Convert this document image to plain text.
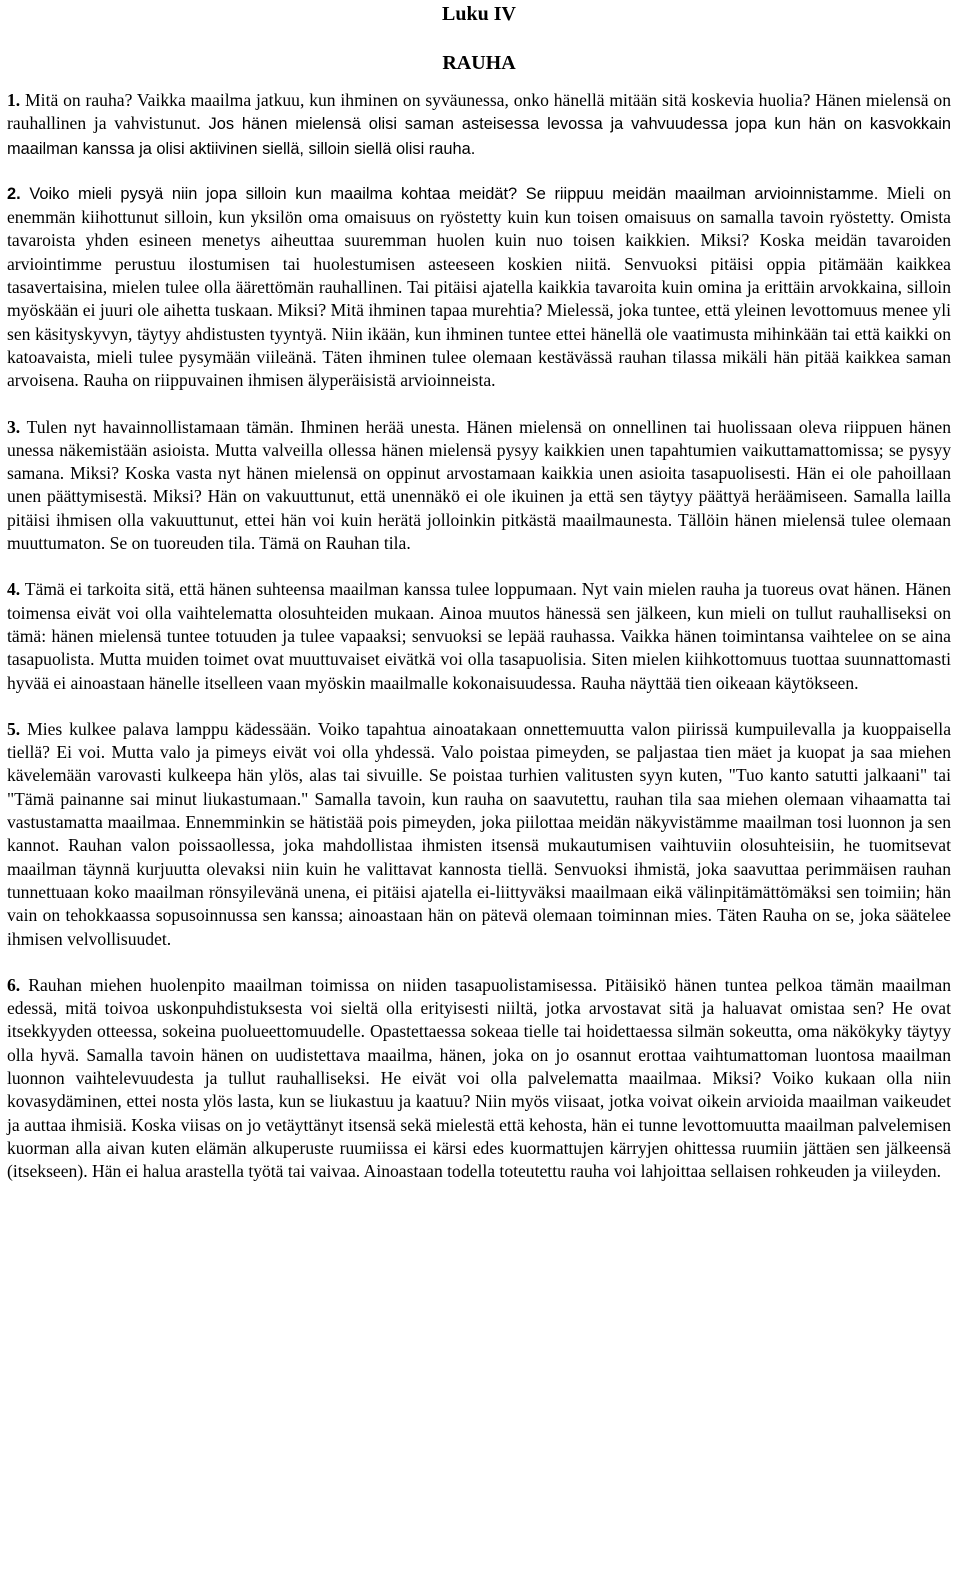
Luku IV
RAUHA

1. Mitä on rauha? Vaikka maailma jatkuu, kun ihminen on syväunessa, onko hänellä mitään sitä koskevia huolia? Hänen mielensä on rauhallinen ja vahvistunut. Jos hänen mielensä olisi saman asteisessa levossa ja vahvuudessa jopa kun hän on kasvokkain maailman kanssa ja olisi aktiivinen siellä, silloin siellä olisi rauha.

2. Voiko mieli pysyä niin jopa silloin kun maailma kohtaa meidät? Se riippuu meidän maailman arvioinnistamme. Mieli on enemmän kiihottunut silloin, kun yksilön oma omaisuus on ryöstetty kuin kun toisen omaisuus on samalla tavoin ryöstetty. Omista tavaroista yhden esineen menetys aiheuttaa suuremman huolen kuin nuo toisen kaikkien. Miksi? Koska meidän tavaroiden arviointimme perustuu ilostumisen tai huolestumisen asteeseen koskien niitä. Senvuoksi pitäisi oppia pitämään kaikkea tasavertaisina, mielen tulee olla äärettömän rauhallinen. Tai pitäisi ajatella kaikkia tavaroita kuin omina ja erittäin arvokkaina, silloin myöskään ei juuri ole aihetta tuskaan. Miksi? Mitä ihminen tapaa murehtia? Mielessä, joka tuntee, että yleinen levottomuus menee yli sen käsityskyvyn, täytyy ahdistusten tyyntyä. Niin ikään, kun ihminen tuntee ettei hänellä ole vaatimusta mihinkään tai että kaikki on katoavaista, mieli tulee pysymään viileänä. Täten ihminen tulee olemaan kestävässä rauhan tilassa mikäli hän pitää kaikkea saman arvoisena. Rauha on riippuvainen ihmisen älyperäisistä arvioinneista.

3. Tulen nyt havainnollistamaan tämän. Ihminen herää unesta. Hänen mielensä on onnellinen tai huolissaan oleva riippuen hänen unessa näkemistään asioista. Mutta valveilla ollessa hänen mielensä pysyy kaikkien unen tapahtumien vaikuttamattomissa; se pysyy samana. Miksi? Koska vasta nyt hänen mielensä on oppinut arvostamaan kaikkia unen asioita tasapuolisesti. Hän ei ole pahoillaan unen päättymisestä. Miksi? Hän on vakuuttunut, että unennäkö ei ole ikuinen ja että sen täytyy päättyä heräämiseen. Samalla lailla pitäisi ihmisen olla vakuuttunut, ettei hän voi kuin herätä jolloinkin pitkästä maailmaunesta. Tällöin hänen mielensä tulee olemaan muuttumaton. Se on tuoreuden tila. Tämä on Rauhan tila.

4. Tämä ei tarkoita sitä, että hänen suhteensa maailman kanssa tulee loppumaan. Nyt vain mielen rauha ja tuoreus ovat hänen. Hänen toimensa eivät voi olla vaihtelematta olosuhteiden mukaan. Ainoa muutos hänessä sen jälkeen, kun mieli on tullut rauhalliseksi on tämä: hänen mielensä tuntee totuuden ja tulee vapaaksi; senvuoksi se lepää rauhassa. Vaikka hänen toimintansa vaihtelee on se aina tasapuolista. Mutta muiden toimet ovat muuttuvaiset eivätkä voi olla tasapuolisia. Siten mielen kiihkottomuus tuottaa suunnattomasti hyvää ei ainoastaan hänelle itselleen vaan myöskin maailmalle kokonaisuudessa. Rauha näyttää tien oikeaan käytökseen.

5. Mies kulkee palava lamppu kädessään. Voiko tapahtua ainoatakaan onnettemuutta valon piirissä kumpuilevalla ja kuoppaisella tiellä? Ei voi. Mutta valo ja pimeys eivät voi olla yhdessä. Valo poistaa pimeyden, se paljastaa tien mäet ja kuopat ja saa miehen kävelemään varovasti kulkeepa hän ylös, alas tai sivuille. Se poistaa turhien valitusten syyn kuten, "Tuo kanto satutti jalkaani" tai "Tämä painanne sai minut liukastumaan." Samalla tavoin, kun rauha on saavutettu, rauhan tila saa miehen olemaan vihaamatta tai vastustamatta maailmaa. Ennemminkin se hätistää pois pimeyden, joka piilottaa meidän näkyvistämme maailman tosi luonnon ja sen kannot. Rauhan valon poissaollessa, joka mahdollistaa ihmisten itsensä mukautumisen vaihtuviin olosuhteisiin, he tuomitsevat maailman täynnä kurjuutta olevaksi niin kuin he valittavat kannosta tiellä. Senvuoksi ihmistä, joka saavuttaa perimmäisen rauhan tunnettuaan koko maailman rönsyilevänä unena, ei pitäisi ajatella ei-liittyväksi maailmaan eikä välinpitämättömäksi sen toimiin; hän vain on tehokkaassa sopusoinnussa sen kanssa; ainoastaan hän on pätevä olemaan toiminnan mies. Täten Rauha on se, joka säätelee ihmisen velvollisuudet.

6. Rauhan miehen huolenpito maailman toimissa on niiden tasapuolistamisessa. Pitäisikö hänen tuntea pelkoa tämän maailman edessä, mitä toivoa uskonpuhdistuksesta voi sieltä olla erityisesti niiltä, jotka arvostavat sitä ja haluavat omistaa sen? He ovat itsekkyyden otteessa, sokeina puolueettomuudelle. Opastettaessa sokeaa tielle tai hoidettaessa silmän sokeutta, oma näkökyky täytyy olla hyvä. Samalla tavoin hänen on uudistettava maailma, hänen, joka on jo osannut erottaa vaihtumattoman luontosa maailman luonnon vaihtelevuudesta ja tullut rauhalliseksi. He eivät voi olla palvelematta maailmaa. Miksi? Voiko kukaan olla niin kovasydäminen, ettei nosta ylös lasta, kun se liukastuu ja kaatuu? Niin myös viisaat, jotka voivat oikein arvioida maailman vaikeudet ja auttaa ihmisiä. Koska viisas on jo vetäyttänyt itsensä sekä mielestä että kehosta, hän ei tunne levottomuutta maailman palvelemisen kuorman alla aivan kuten elämän alkuperuste ruumiissa ei kärsi edes kuormattujen kärryjen ohittessa ruumiin jättäen sen jälkeensä (itsekseen). Hän ei halua arastella työtä tai vaivaa. Ainoastaan todella toteutettu rauha voi lahjoittaa sellaisen rohkeuden ja viileyden.
